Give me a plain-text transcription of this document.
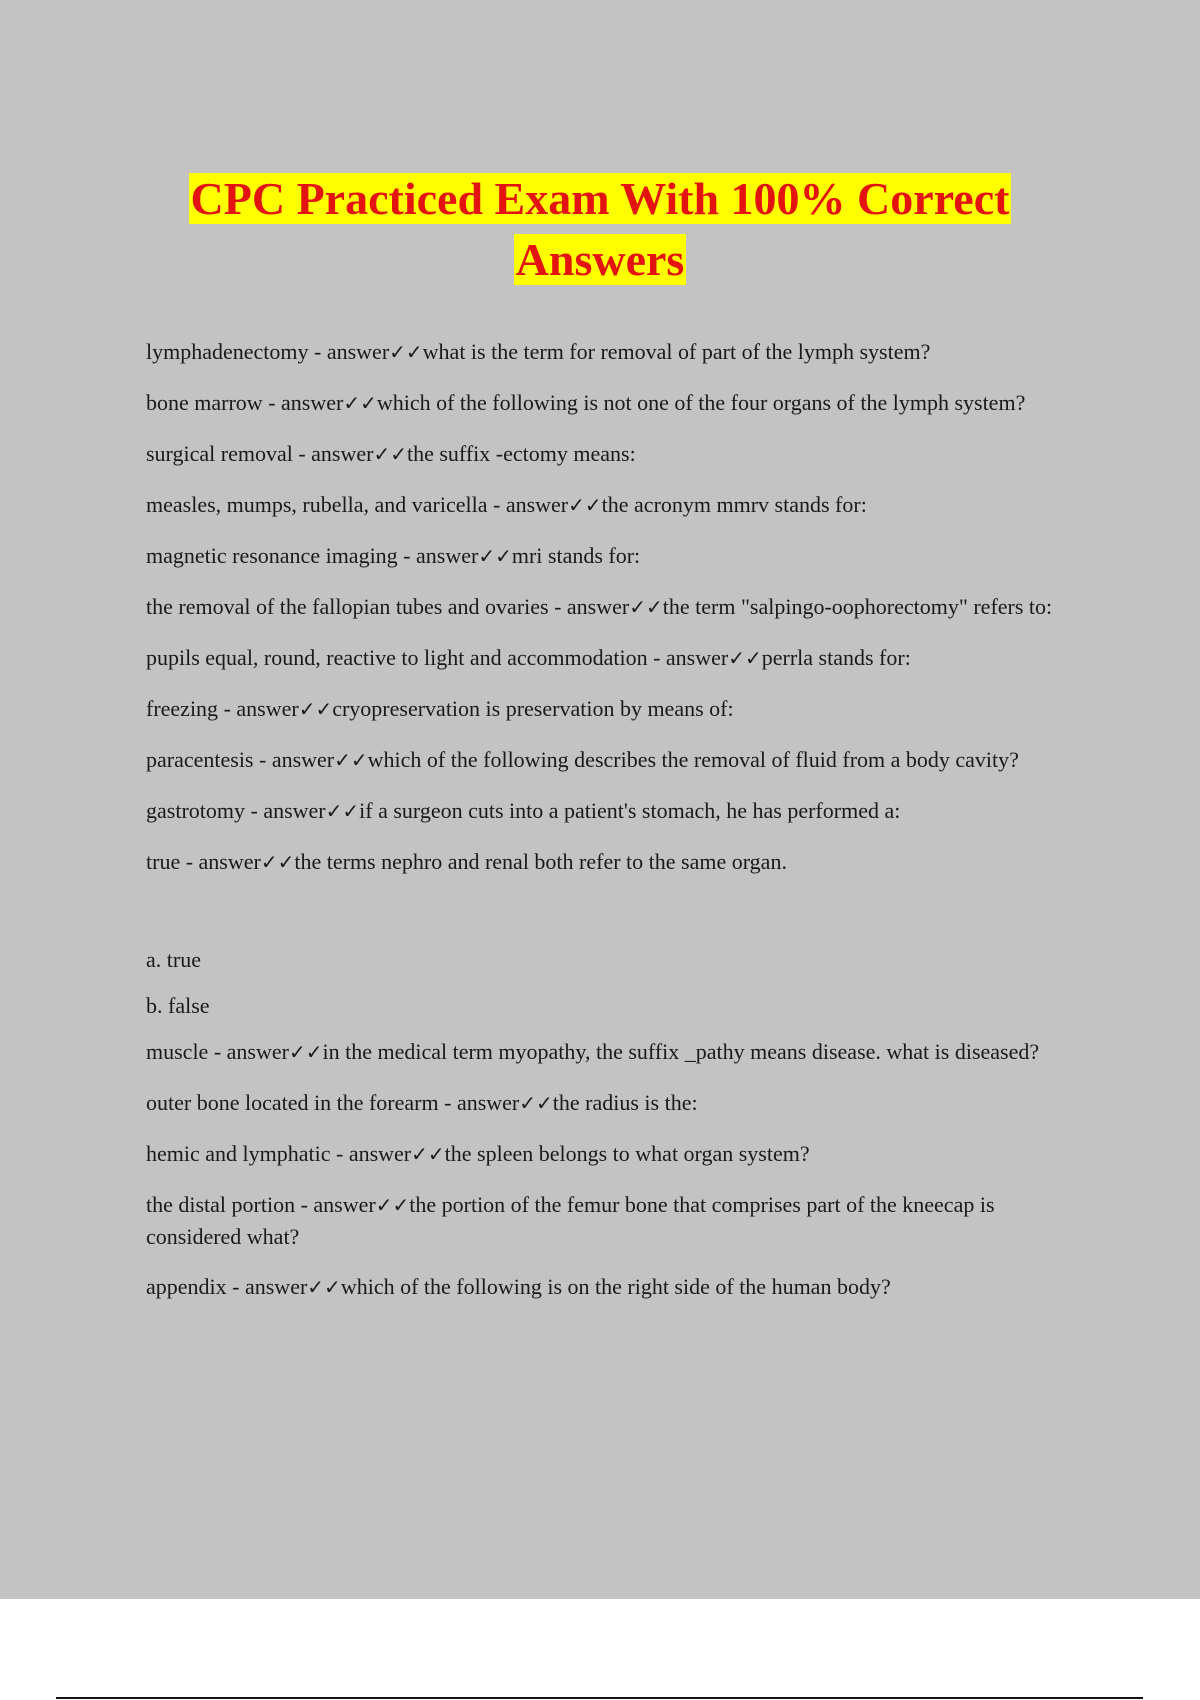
CPC Practiced Exam With 100% Correct
Answers

lymphadenectomy - answer✓✓what is the term for removal of part of the lymph system?

bone marrow - answer✓✓which of the following is not one of the four organs of the lymph system?

surgical removal - answer✓✓the suffix -ectomy means:

measles, mumps, rubella, and varicella - answer✓✓the acronym mmrv stands for:

magnetic resonance imaging - answer✓✓mri stands for:

the removal of the fallopian tubes and ovaries - answer✓✓the term "salpingo-oophorectomy" refers to:

pupils equal, round, reactive to light and accommodation - answer✓✓perrla stands for:

freezing - answer✓✓cryopreservation is preservation by means of:

paracentesis - answer✓✓which of the following describes the removal of fluid from a body cavity?

gastrotomy - answer✓✓if a surgeon cuts into a patient's stomach, he has performed a:

true - answer✓✓the terms nephro and renal both refer to the same organ.

a. true

b. false

muscle - answer✓✓in the medical term myopathy, the suffix _pathy means disease. what is diseased?

outer bone located in the forearm - answer✓✓the radius is the:

hemic and lymphatic - answer✓✓the spleen belongs to what organ system?

the distal portion - answer✓✓the portion of the femur bone that comprises part of the kneecap is considered what?

appendix - answer✓✓which of the following is on the right side of the human body?
